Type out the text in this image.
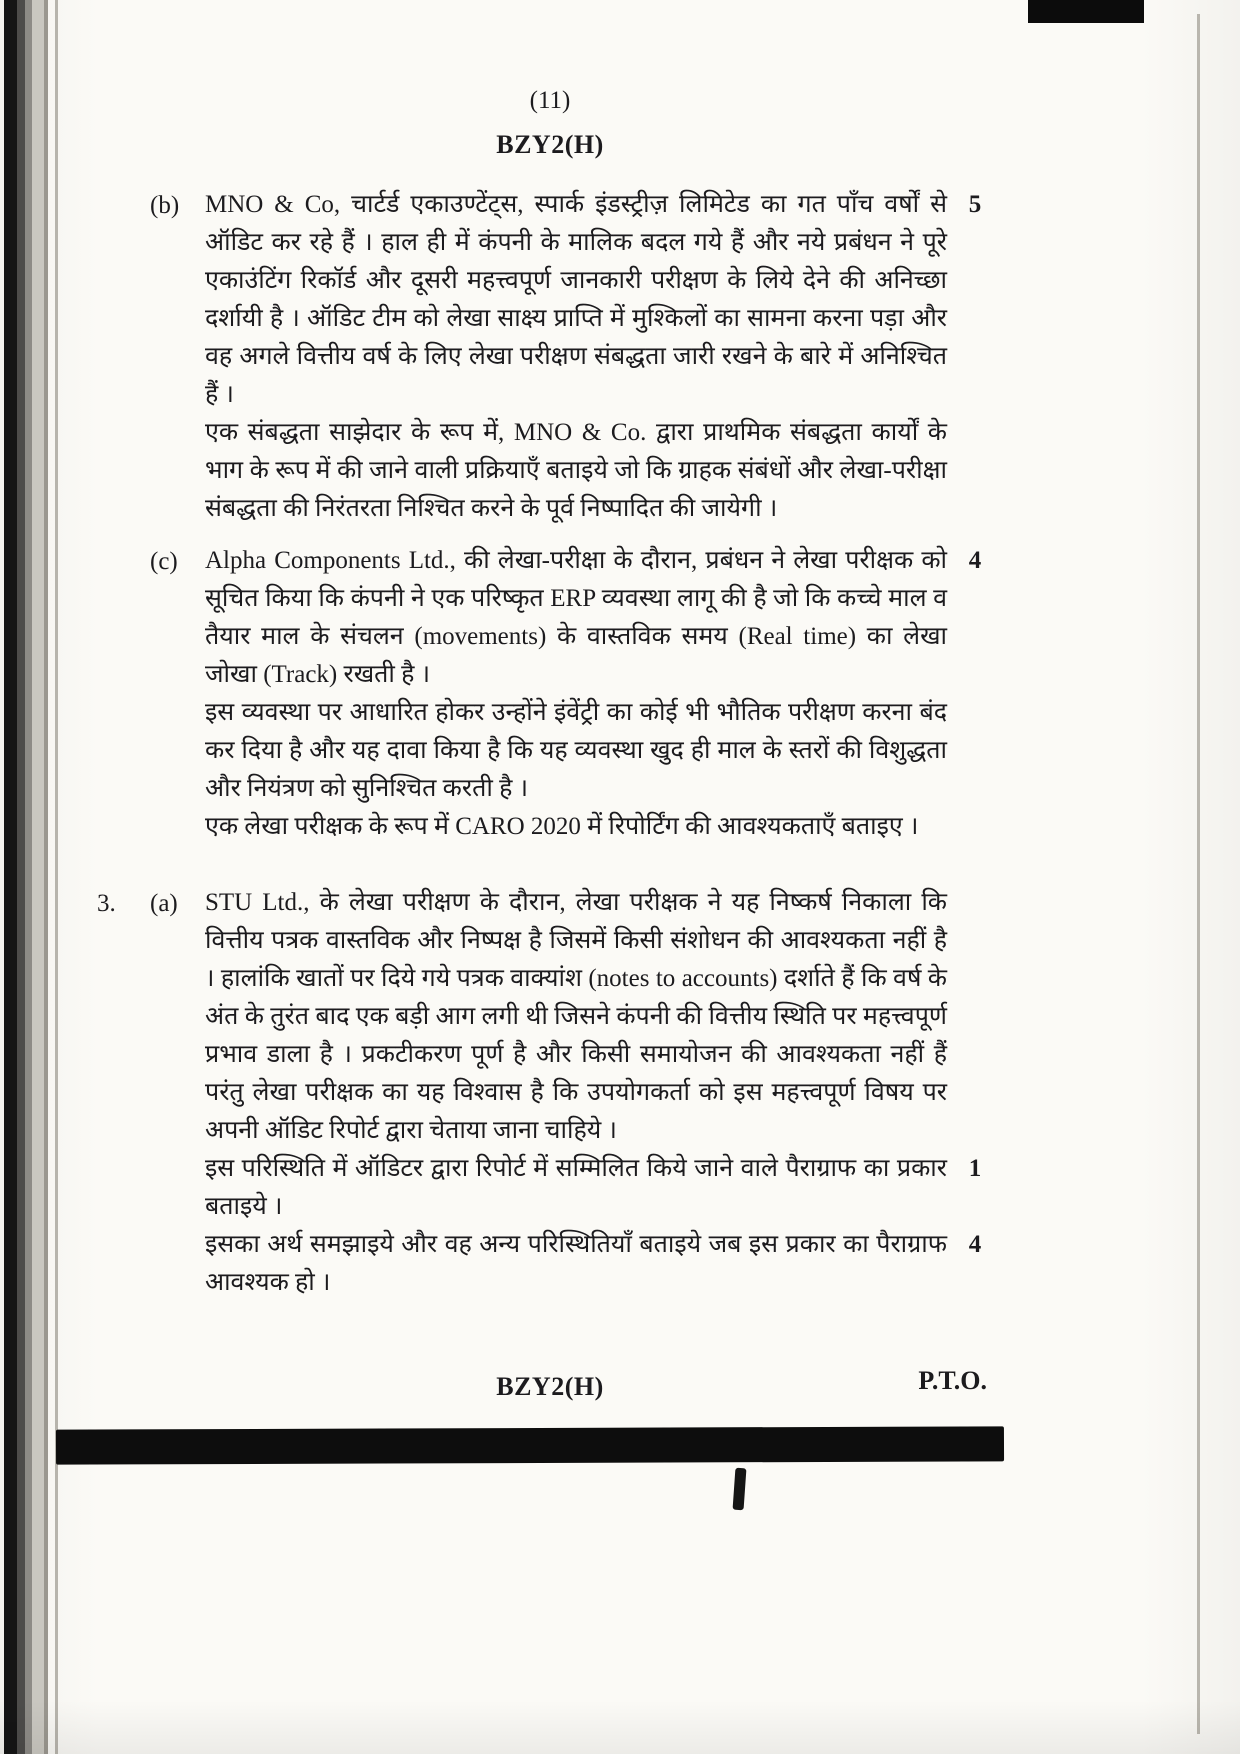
(11)
BZY2(H)
(b) MNO & Co, चार्टर्ड एकाउण्टेंट्स, स्पार्क इंडस्ट्रीज़ लिमिटेड का गत पाँच वर्षों से ऑडिट कर रहे हैं । हाल ही में कंपनी के मालिक बदल गये हैं और नये प्रबंधन ने पूरे एकाउंटिंग रिकॉर्ड और दूसरी महत्त्वपूर्ण जानकारी परीक्षण के लिये देने की अनिच्छा दर्शायी है । ऑडिट टीम को लेखा साक्ष्य प्राप्ति में मुश्किलों का सामना करना पड़ा और वह अगले वित्तीय वर्ष के लिए लेखा परीक्षण संबद्धता जारी रखने के बारे में अनिश्चित हैं ।
5
एक संबद्धता साझेदार के रूप में, MNO & Co. द्वारा प्राथमिक संबद्धता कार्यों के भाग के रूप में की जाने वाली प्रक्रियाएँ बताइये जो कि ग्राहक संबंधों और लेखा-परीक्षा संबद्धता की निरंतरता निश्चित करने के पूर्व निष्पादित की जायेगी ।
(c) Alpha Components Ltd., की लेखा-परीक्षा के दौरान, प्रबंधन ने लेखा परीक्षक को सूचित किया कि कंपनी ने एक परिष्कृत ERP व्यवस्था लागू की है जो कि कच्चे माल व तैयार माल के संचलन (movements) के वास्तविक समय (Real time) का लेखा जोखा (Track) रखती है ।
4
इस व्यवस्था पर आधारित होकर उन्होंने इंवेंट्री का कोई भी भौतिक परीक्षण करना बंद कर दिया है और यह दावा किया है कि यह व्यवस्था खुद ही माल के स्तरों की विशुद्धता और नियंत्रण को सुनिश्चित करती है ।
एक लेखा परीक्षक के रूप में CARO 2020 में रिपोर्टिंग की आवश्यकताएँ बताइए ।
3. (a) STU Ltd., के लेखा परीक्षण के दौरान, लेखा परीक्षक ने यह निष्कर्ष निकाला कि वित्तीय पत्रक वास्तविक और निष्पक्ष है जिसमें किसी संशोधन की आवश्यकता नहीं है । हालांकि खातों पर दिये गये पत्रक वाक्यांश (notes to accounts) दर्शाते हैं कि वर्ष के अंत के तुरंत बाद एक बड़ी आग लगी थी जिसने कंपनी की वित्तीय स्थिति पर महत्त्वपूर्ण प्रभाव डाला है । प्रकटीकरण पूर्ण है और किसी समायोजन की आवश्यकता नहीं हैं परंतु लेखा परीक्षक का यह विश्वास है कि उपयोगकर्ता को इस महत्त्वपूर्ण विषय पर अपनी ऑडिट रिपोर्ट द्वारा चेताया जाना चाहिये ।
इस परिस्थिति में ऑडिटर द्वारा रिपोर्ट में सम्मिलित किये जाने वाले पैराग्राफ का प्रकार बताइये ।
1
इसका अर्थ समझाइये और वह अन्य परिस्थितियाँ बताइये जब इस प्रकार का पैराग्राफ आवश्यक हो ।
4
BZY2(H)	P.T.O.
